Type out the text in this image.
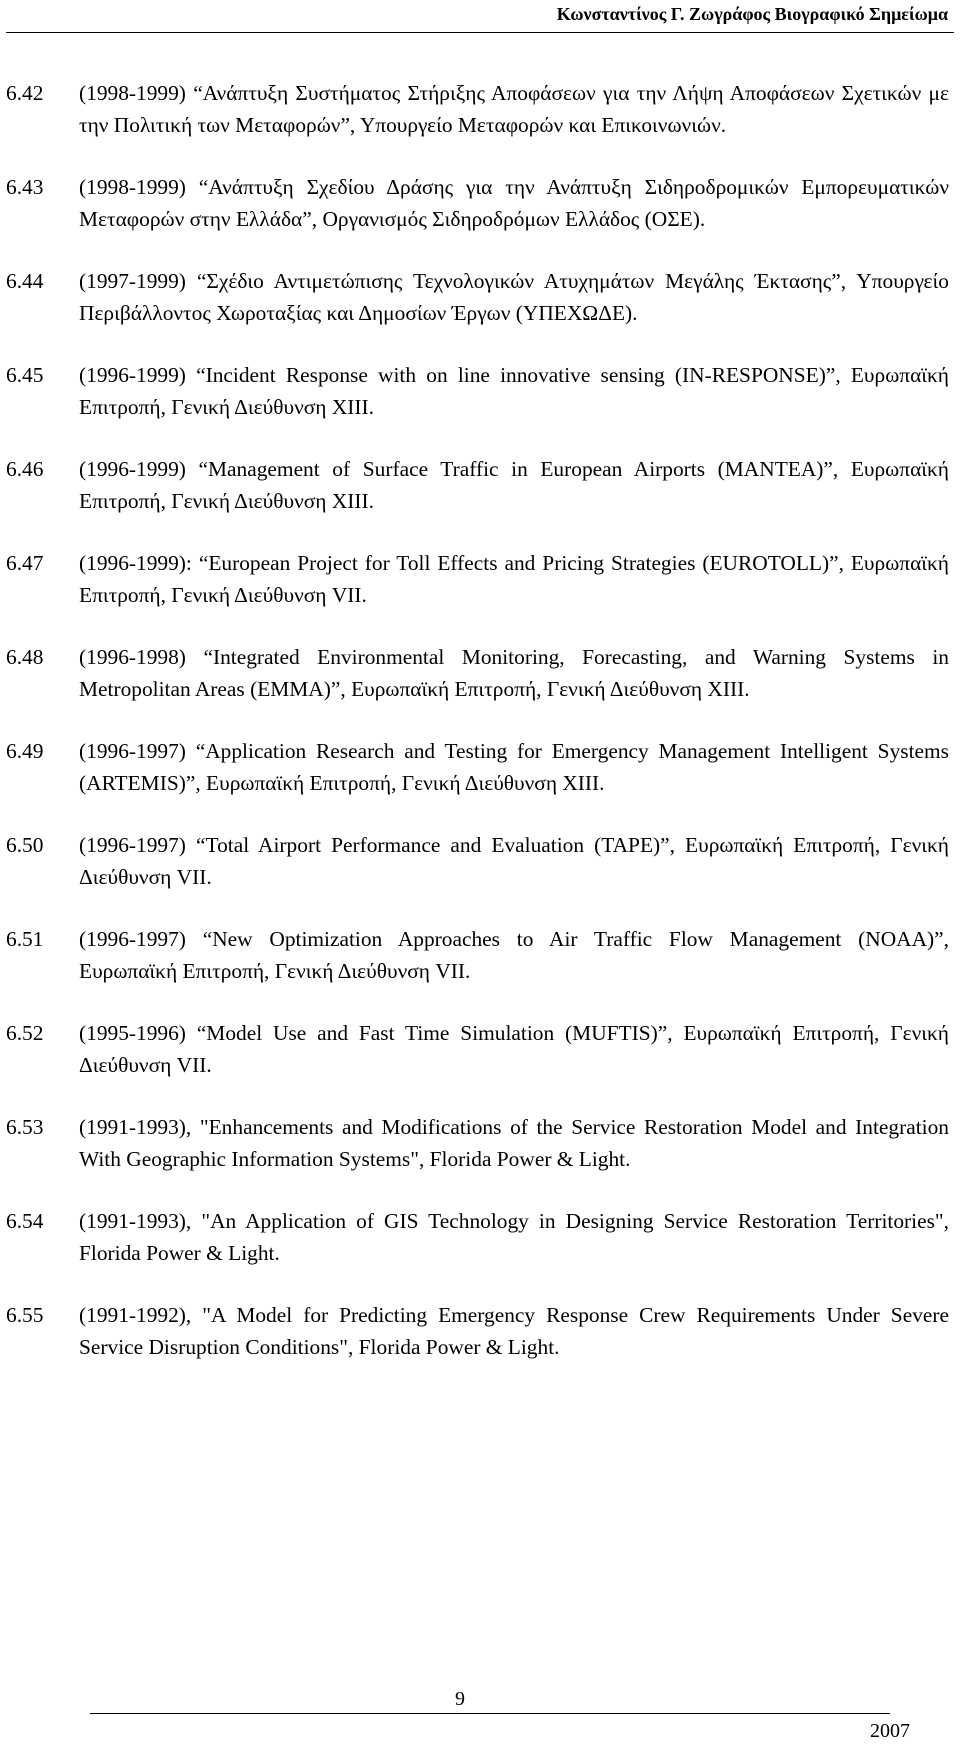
Κωνσταντίνος Γ. Ζωγράφος Βιογραφικό Σημείωμα
6.42	(1998-1999) “Ανάπτυξη Συστήματος Στήριξης Αποφάσεων για την Λήψη Αποφάσεων Σχετικών με την Πολιτική των Μεταφορών”, Υπουργείο Μεταφορών και Επικοινωνιών.
6.43	(1998-1999) “Ανάπτυξη Σχεδίου Δράσης για την Ανάπτυξη Σιδηροδρομικών Εμπορευματικών Μεταφορών στην Ελλάδα”, Οργανισμός Σιδηροδρόμων Ελλάδος (ΟΣΕ).
6.44	(1997-1999) “Σχέδιο Αντιμετώπισης Τεχνολογικών Ατυχημάτων Μεγάλης Έκτασης”, Υπουργείο Περιβάλλοντος Χωροταξίας και Δημοσίων Έργων (ΥΠΕΧΩΔΕ).
6.45	(1996-1999) “Incident Response with on line innovative sensing (IN-RESPONSE)”, Ευρωπαϊκή Επιτροπή, Γενική Διεύθυνση XIII.
6.46	(1996-1999) “Management of Surface Traffic in European Airports (MANTEA)”, Ευρωπαϊκή Επιτροπή, Γενική Διεύθυνση XIII.
6.47	(1996-1999): “European Project for Toll Effects and Pricing Strategies (EUROTOLL)”, Ευρωπαϊκή Επιτροπή, Γενική Διεύθυνση VII.
6.48	(1996-1998) “Integrated Environmental Monitoring, Forecasting, and Warning Systems in Metropolitan Areas (EMMA)”, Ευρωπαϊκή Επιτροπή, Γενική Διεύθυνση XIII.
6.49	(1996-1997) “Application Research and Testing for Emergency Management Intelligent Systems (ARTEMIS)”, Ευρωπαϊκή Επιτροπή, Γενική Διεύθυνση XIII.
6.50	(1996-1997) “Total Airport Performance and Evaluation (TAPE)”, Ευρωπαϊκή Επιτροπή, Γενική Διεύθυνση VII.
6.51	(1996-1997) “New Optimization Approaches to Air Traffic Flow Management (NOAA)”, Ευρωπαϊκή Επιτροπή, Γενική Διεύθυνση VII.
6.52	(1995-1996) “Model Use and Fast Time Simulation (MUFTIS)”, Ευρωπαϊκή Επιτροπή, Γενική Διεύθυνση VII.
6.53	(1991-1993), "Enhancements and Modifications of the Service Restoration Model and Integration With Geographic Information Systems", Florida Power & Light.
6.54	(1991-1993), "An Application of GIS Technology in Designing Service Restoration Territories", Florida Power & Light.
6.55	(1991-1992), "A Model for Predicting Emergency Response Crew Requirements Under Severe Service Disruption Conditions", Florida Power & Light.
9
2007
